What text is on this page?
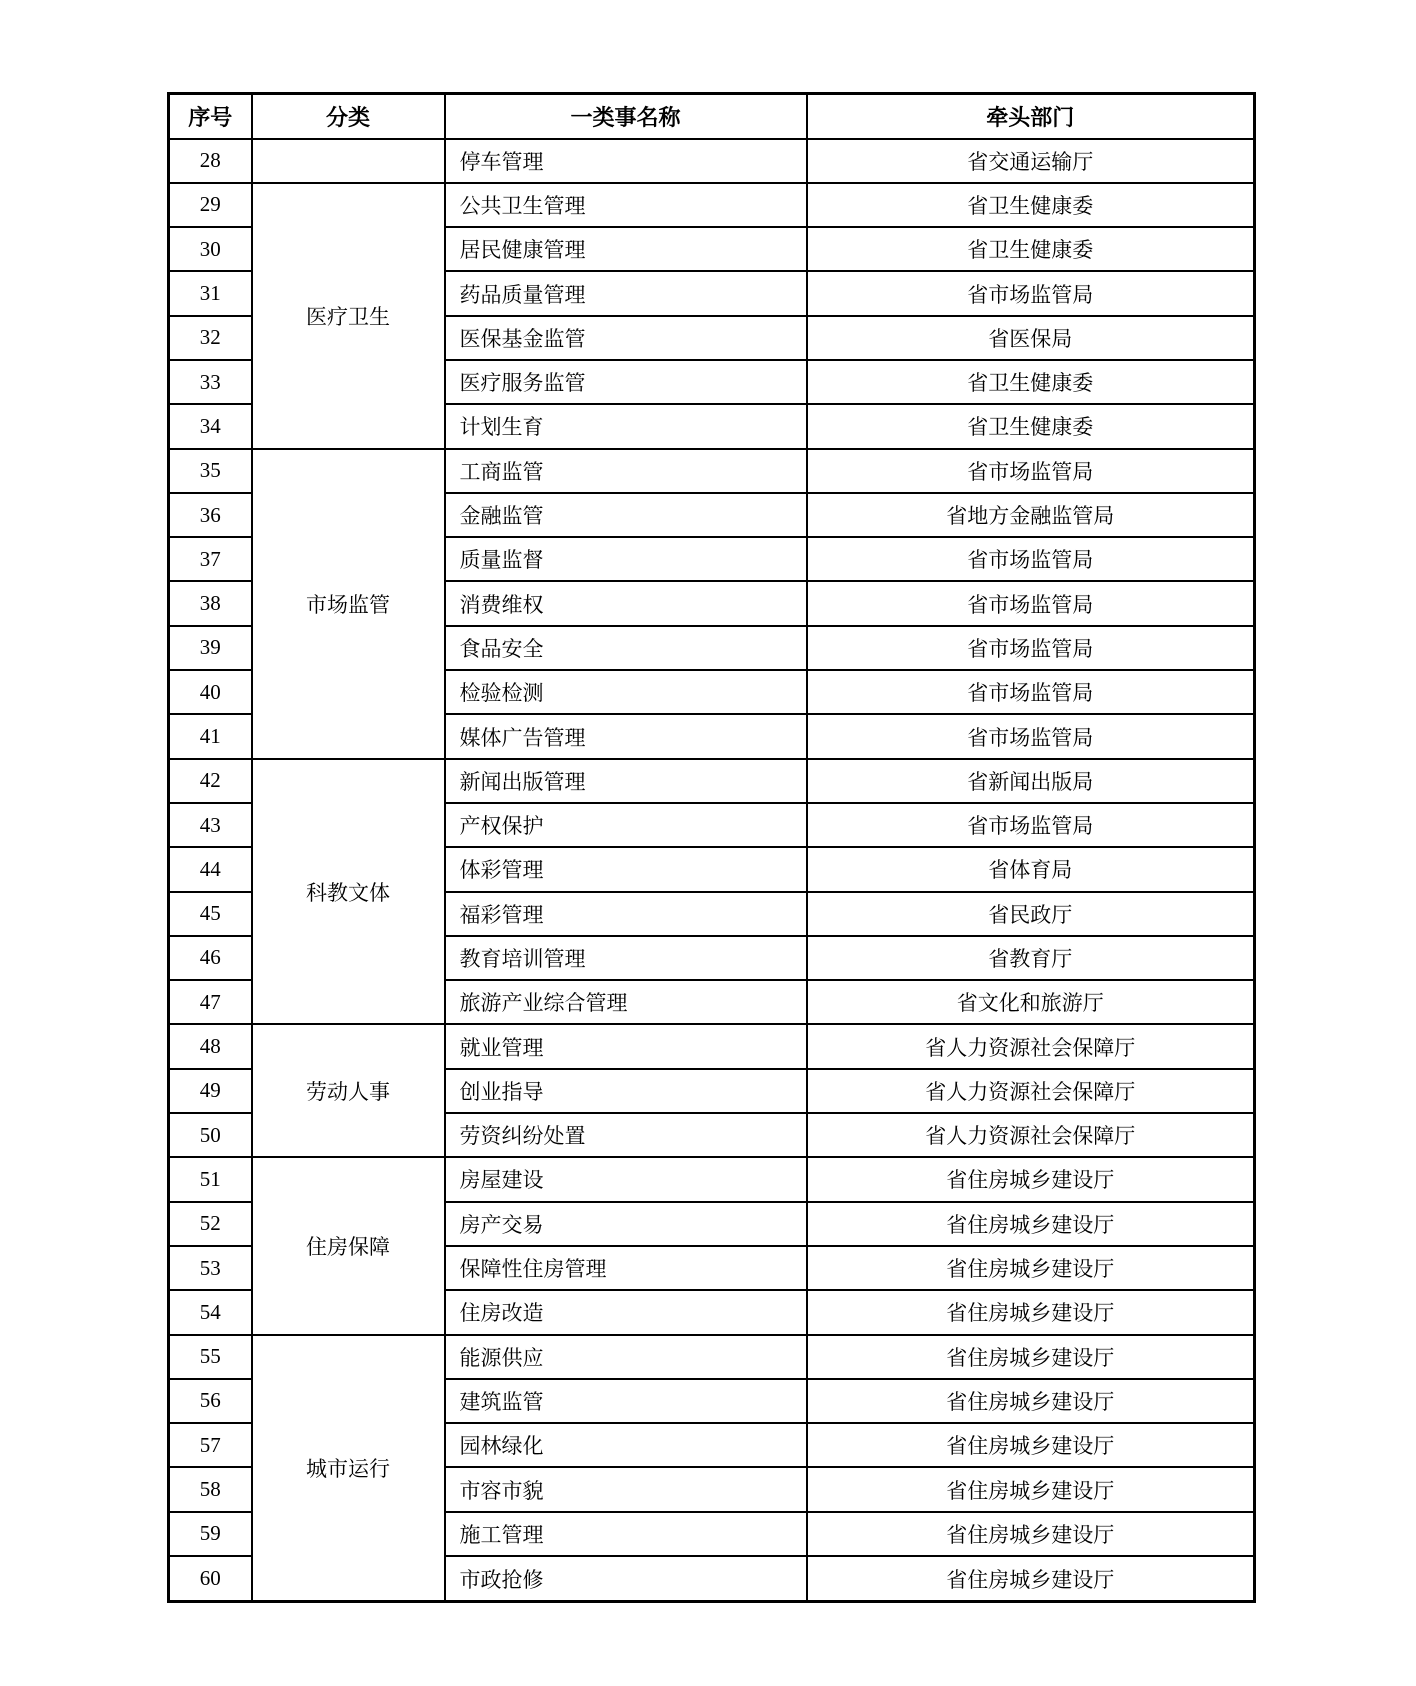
序号	分类	一类事名称	牵头部门
28		停车管理	省交通运输厅
29	医疗卫生	公共卫生管理	省卫生健康委
30		居民健康管理	省卫生健康委
31		药品质量管理	省市场监管局
32		医保基金监管	省医保局
33		医疗服务监管	省卫生健康委
34		计划生育	省卫生健康委
35	市场监管	工商监管	省市场监管局
36		金融监管	省地方金融监管局
37		质量监督	省市场监管局
38		消费维权	省市场监管局
39		食品安全	省市场监管局
40		检验检测	省市场监管局
41		媒体广告管理	省市场监管局
42	科教文体	新闻出版管理	省新闻出版局
43		产权保护	省市场监管局
44		体彩管理	省体育局
45		福彩管理	省民政厅
46		教育培训管理	省教育厅
47		旅游产业综合管理	省文化和旅游厅
48	劳动人事	就业管理	省人力资源社会保障厅
49		创业指导	省人力资源社会保障厅
50		劳资纠纷处置	省人力资源社会保障厅
51	住房保障	房屋建设	省住房城乡建设厅
52		房产交易	省住房城乡建设厅
53		保障性住房管理	省住房城乡建设厅
54		住房改造	省住房城乡建设厅
55	城市运行	能源供应	省住房城乡建设厅
56		建筑监管	省住房城乡建设厅
57		园林绿化	省住房城乡建设厅
58		市容市貌	省住房城乡建设厅
59		施工管理	省住房城乡建设厅
60		市政抢修	省住房城乡建设厅
